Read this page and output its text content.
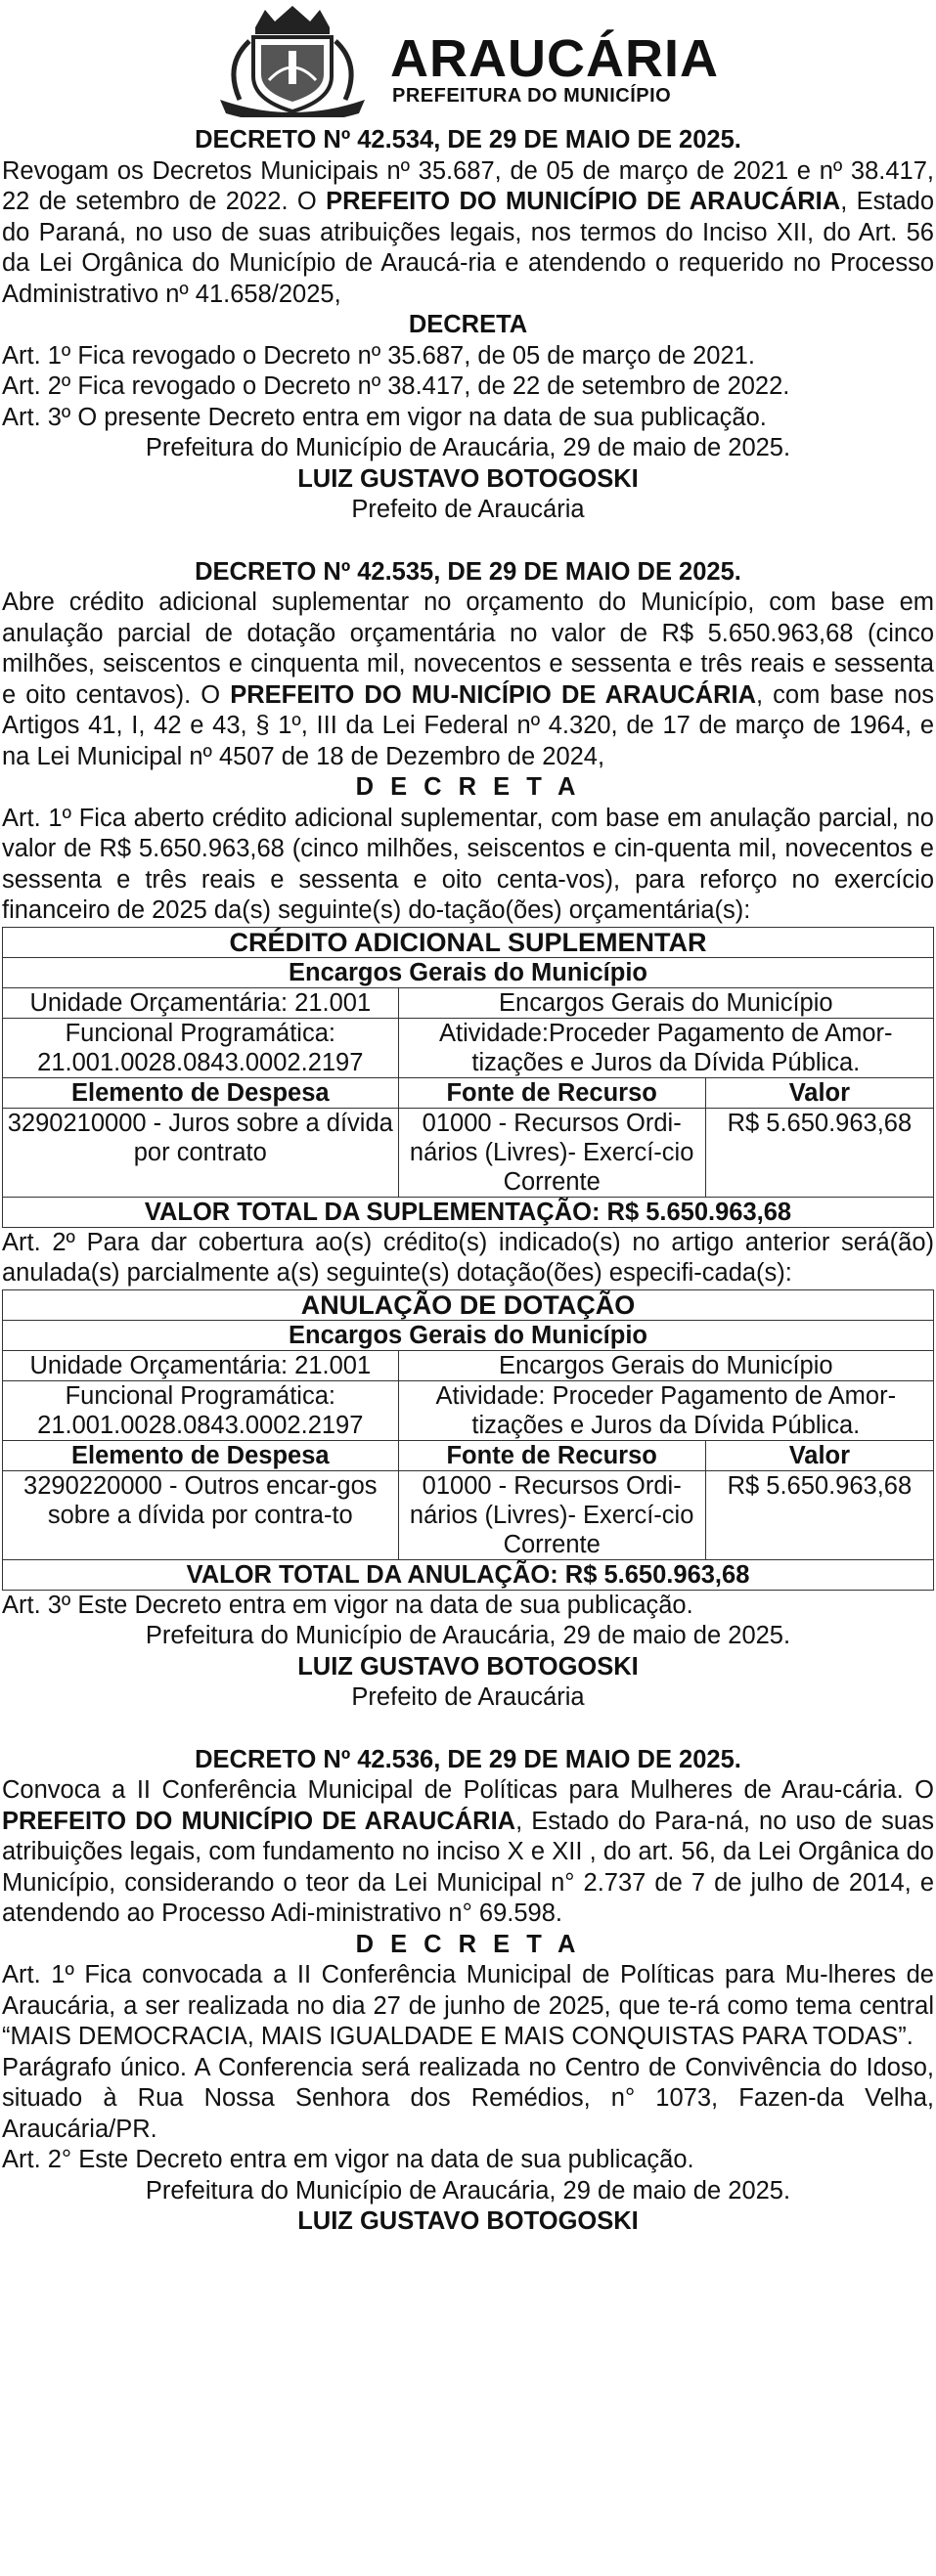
ARAUCÁRIA
PREFEITURA DO MUNICÍPIO

DECRETO Nº 42.534, DE 29 DE MAIO DE 2025.

Revogam os Decretos Municipais nº 35.687, de 05 de março de 2021 e nº 38.417, 22 de setembro de 2022. O PREFEITO DO MUNICÍPIO DE ARAUCÁRIA, Estado do Paraná, no uso de suas atribuições legais, nos termos do Inciso XII, do Art. 56 da Lei Orgânica do Município de Araucá-ria e atendendo o requerido no Processo Administrativo nº 41.658/2025,

DECRETA

Art. 1º Fica revogado o Decreto nº 35.687, de 05 de março de 2021.

Art. 2º Fica revogado o Decreto nº 38.417, de 22 de setembro de 2022.

Art. 3º O presente Decreto entra em vigor na data de sua publicação.

Prefeitura do Município de Araucária, 29 de maio de 2025.

LUIZ GUSTAVO BOTOGOSKI

Prefeito de Araucária

DECRETO Nº 42.535, DE 29 DE MAIO DE 2025.

Abre crédito adicional suplementar no orçamento do Município, com base em anulação parcial de dotação orçamentária no valor de R$ 5.650.963,68 (cinco milhões, seiscentos e cinquenta mil, novecentos e sessenta e três reais e sessenta e oito centavos). O PREFEITO DO MU-NICÍPIO DE ARAUCÁRIA, com base nos Artigos 41, I, 42 e 43, § 1º, III da Lei Federal nº 4.320, de 17 de março de 1964, e na Lei Municipal nº 4507 de 18 de Dezembro de 2024,

D E C R E T A

Art. 1º Fica aberto crédito adicional suplementar, com base em anulação parcial, no valor de R$ 5.650.963,68 (cinco milhões, seiscentos e cin-quenta mil, novecentos e sessenta e três reais e sessenta e oito centa-vos), para reforço no exercício financeiro de 2025 da(s) seguinte(s) do-tação(ões) orçamentária(s):

CRÉDITO ADICIONAL SUPLEMENTAR		
Encargos Gerais do Município		
Unidade Orçamentária: 21.001	Encargos Gerais do Município	
Funcional Programática: 21.001.0028.0843.0002.2197	Atividade:Proceder Pagamento de Amor-tizações e Juros da Dívida Pública.	
Elemento de Despesa	Fonte de Recurso	Valor
3290210000 - Juros sobre a dívida por contrato	01000 - Recursos Ordi-nários (Livres)- Exercí-cio Corrente	R$ 5.650.963,68
VALOR TOTAL DA SUPLEMENTAÇÃO: R$ 5.650.963,68		

Art. 2º Para dar cobertura ao(s) crédito(s) indicado(s) no artigo anterior será(ão) anulada(s) parcialmente a(s) seguinte(s) dotação(ões) especifi-cada(s):

ANULAÇÃO DE DOTAÇÃO		
Encargos Gerais do Município		
Unidade Orçamentária: 21.001	Encargos Gerais do Município	
Funcional Programática: 21.001.0028.0843.0002.2197	Atividade: Proceder Pagamento de Amor-tizações e Juros da Dívida Pública.	
Elemento de Despesa	Fonte de Recurso	Valor
3290220000 - Outros encar-gos sobre a dívida por contra-to	01000 - Recursos Ordi-nários (Livres)- Exercí-cio Corrente	R$ 5.650.963,68
VALOR TOTAL DA ANULAÇÃO: R$ 5.650.963,68		

Art. 3º Este Decreto entra em vigor na data de sua publicação.

Prefeitura do Município de Araucária, 29 de maio de 2025.

LUIZ GUSTAVO BOTOGOSKI

Prefeito de Araucária

DECRETO Nº 42.536, DE 29 DE MAIO DE 2025.

Convoca a II Conferência Municipal de Políticas para Mulheres de Arau-cária. O PREFEITO DO MUNICÍPIO DE ARAUCÁRIA, Estado do Para-ná, no uso de suas atribuições legais, com fundamento no inciso X e XII , do art. 56, da Lei Orgânica do Município, considerando o teor da Lei Municipal n° 2.737 de 7 de julho de 2014, e atendendo ao Processo Adi-ministrativo n° 69.598.

D E C R E T A

Art. 1º Fica convocada a II Conferência Municipal de Políticas para Mu-lheres de Araucária, a ser realizada no dia 27 de junho de 2025, que te-rá como tema central “MAIS DEMOCRACIA, MAIS IGUALDADE E MAIS CONQUISTAS PARA TODAS”.

Parágrafo único. A Conferencia será realizada no Centro de Convivência do Idoso, situado à Rua Nossa Senhora dos Remédios, n° 1073, Fazen-da Velha, Araucária/PR.

Art. 2° Este Decreto entra em vigor na data de sua publicação.

Prefeitura do Município de Araucária, 29 de maio de 2025.

LUIZ GUSTAVO BOTOGOSKI
